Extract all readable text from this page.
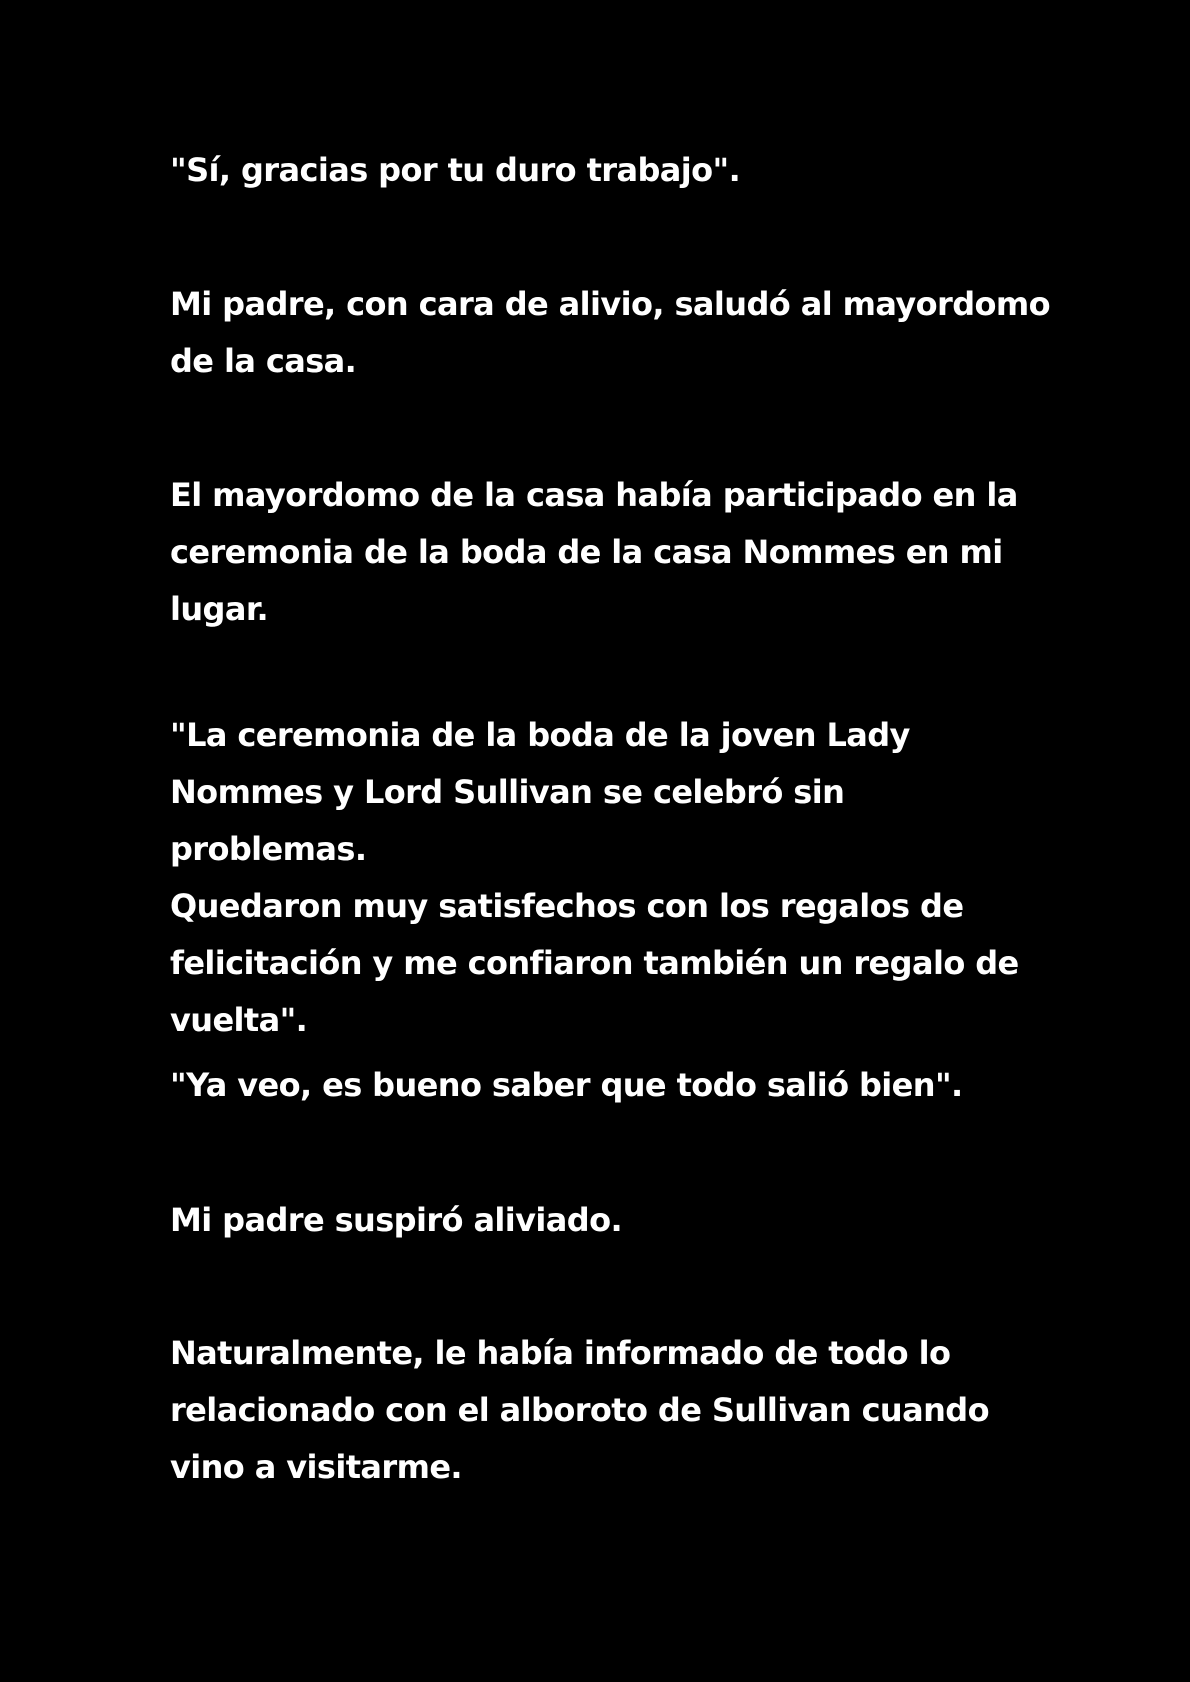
"Sí, gracias por tu duro trabajo".

Mi padre, con cara de alivio, saludó al mayordomo
de la casa.

El mayordomo de la casa había participado en la
ceremonia de la boda de la casa Nommes en mi
lugar.

"La ceremonia de la boda de la joven Lady
Nommes y Lord Sullivan se celebró sin problemas.
Quedaron muy satisfechos con los regalos de
felicitación y me confiaron también un regalo de
vuelta".

"Ya veo, es bueno saber que todo salió bien".

Mi padre suspiró aliviado.

Naturalmente, le había informado de todo lo
relacionado con el alboroto de Sullivan cuando
vino a visitarme.
